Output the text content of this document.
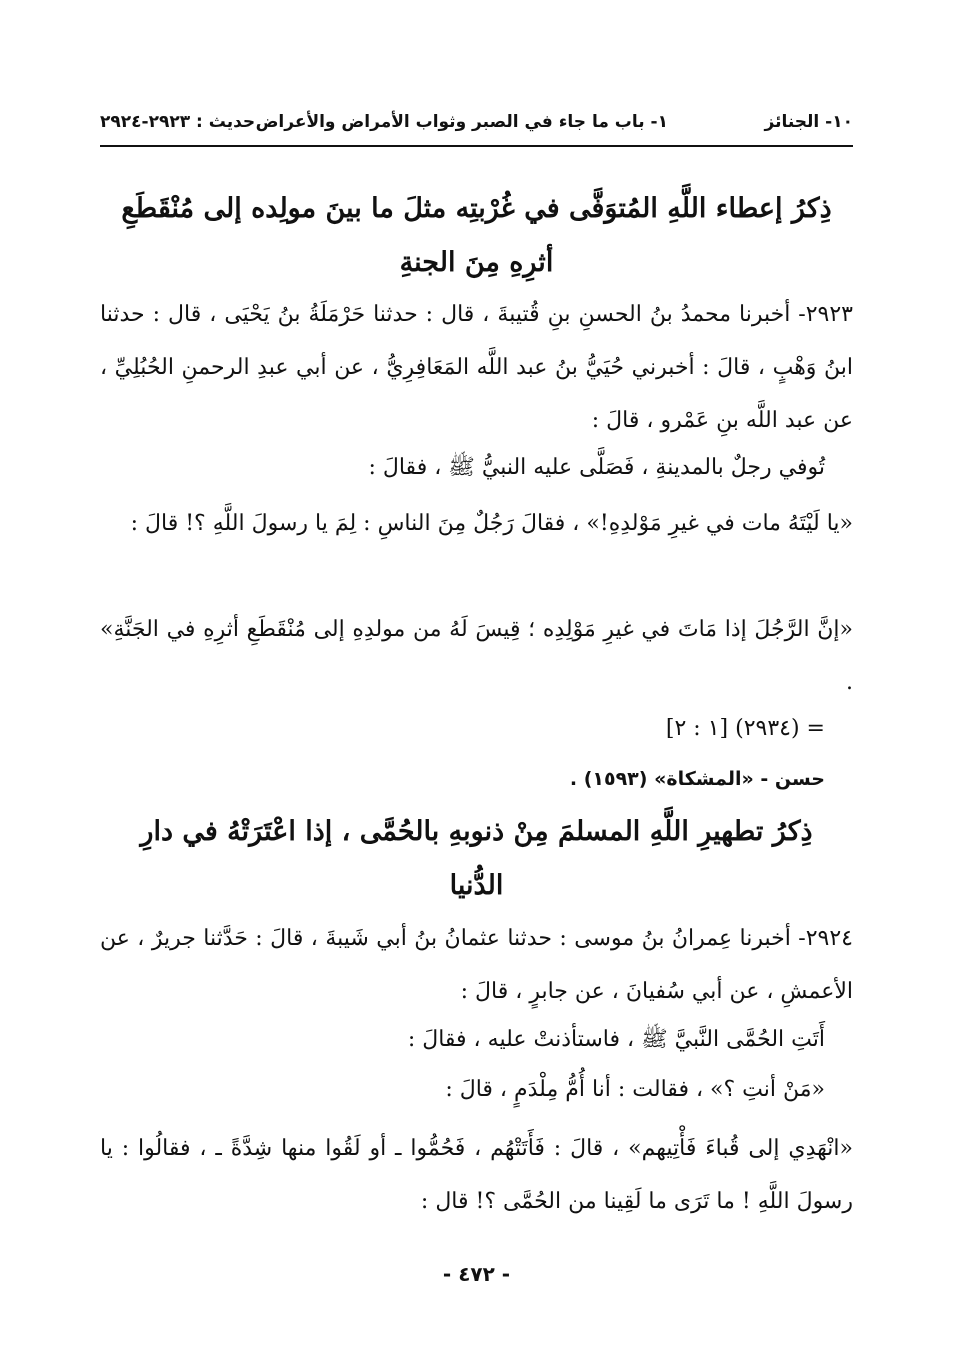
١٠- الجنائز
١- باب ما جاء في الصبر وثواب الأمراض والأعراض
حديث : ٢٩٢٣-٢٩٢٤
ذِكرُ إعطاء اللَّهِ المُتوَفَّى في غُرْبتِه مثلَ ما بينَ مولِده إلى مُنْقَطَعِ أثرِهِ مِنَ الجنةِ

٢٩٢٣- أخبرنا محمدُ بنُ الحسنِ بنِ قُتيبةَ ، قال : حدثنا حَرْمَلَةُ بنُ يَحْيَى ، قال : حدثنا ابنُ وَهْبٍ ، قالَ : أخبرني حُيَيُّ بنُ عبد اللَّه المَعَافِرِيُّ ، عن أبي عبدِ الرحمنِ الحُبُلِيِّ ، عن عبد اللَّه بنِ عَمْرو ، قالَ :

تُوفي رجلٌ بالمدينةِ ، فَصَلَّى عليه النبيُّ ﷺ ، فقالَ :

«يا لَيْتَهُ مات في غيرِ مَوْلدِهِ!» ، فقالَ رَجُلٌ مِنَ الناسِ : لِمَ يا رسولَ اللَّهِ ؟! قالَ :

«إنَّ الرَّجُلَ إذا مَاتَ في غيرِ مَوْلِدِه ؛ قِيسَ لَهُ من مولدِهِ إلى مُنْقَطَعِ أثرِهِ في الجَنَّةِ» .

= (٢٩٣٤) [١ : ٢]
حسن - «المشكاة» (١٥٩٣) .
ذِكرُ تطهيرِ اللَّهِ المسلمَ مِنْ ذنوبهِ بالحُمَّى ، إذا اعْتَرَتْهُ في دارِ الدُّنيا

٢٩٢٤- أخبرنا عِمرانُ بنُ موسى : حدثنا عثمانُ بنُ أبي شَيبةَ ، قالَ : حَدَّثنا جريرٌ ، عن الأعمشِ ، عن أبي سُفيانَ ، عن جابرٍ ، قالَ :

أَتَتِ الحُمَّى النَّبيَّ ﷺ ، فاستأذنتْ عليه ، فقالَ :
«مَنْ أنتِ ؟» ، فقالت : أنا أُمُّ مِلْدَمٍ ، قالَ :

«انْهَدِي إلى قُباءَ فَأْتِيهم» ، قالَ : فَأَتَتْهُم ، فَحُمُّوا ـ أو لَقُوا منها شِدَّةً ـ ، فقالُوا : يا رسولَ اللَّهِ ! ما تَرَى ما لَقِينا من الحُمَّى ؟! قال :

- ٤٧٢ -
